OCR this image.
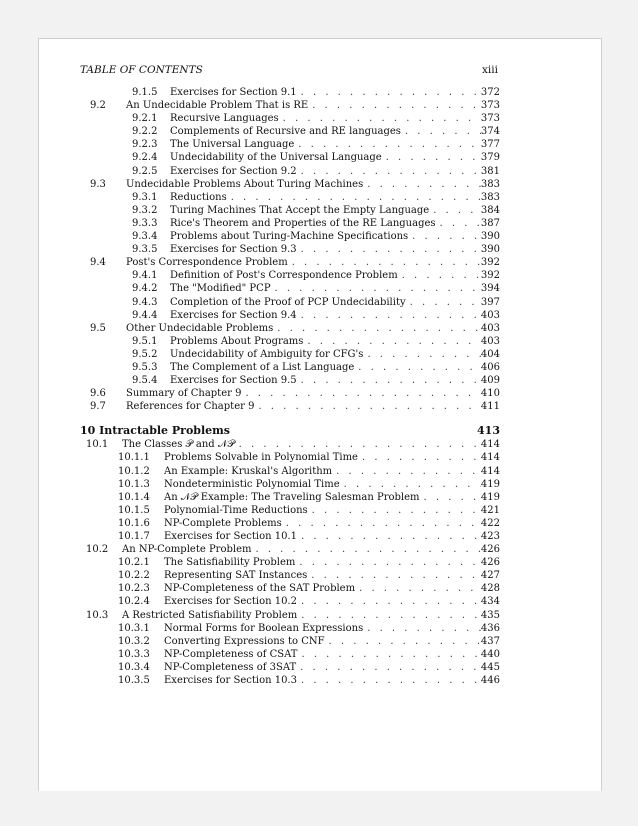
TABLE OF CONTENTS	xiii
9.1.5	Exercises for Section 9.1 . . .	372
9.2	An Undecidable Problem That is RE . . .	373
9.2.1	Recursive Languages . . .	373
9.2.2	Complements of Recursive and RE languages . . .	374
9.2.3	The Universal Language . . .	377
9.2.4	Undecidability of the Universal Language . . .	379
9.2.5	Exercises for Section 9.2 . . .	381
9.3	Undecidable Problems About Turing Machines . . .	383
9.3.1	Reductions . . .	383
9.3.2	Turing Machines That Accept the Empty Language . . .	384
9.3.3	Rice's Theorem and Properties of the RE Languages . . .	387
9.3.4	Problems about Turing-Machine Specifications . . .	390
9.3.5	Exercises for Section 9.3 . . .	390
9.4	Post's Correspondence Problem . . .	392
9.4.1	Definition of Post's Correspondence Problem . . .	392
9.4.2	The "Modified" PCP . . .	394
9.4.3	Completion of the Proof of PCP Undecidability . . .	397
9.4.4	Exercises for Section 9.4 . . .	403
9.5	Other Undecidable Problems . . .	403
9.5.1	Problems About Programs . . .	403
9.5.2	Undecidability of Ambiguity for CFG's . . .	404
9.5.3	The Complement of a List Language . . .	406
9.5.4	Exercises for Section 9.5 . . .	409
9.6	Summary of Chapter 9 . . .	410
9.7	References for Chapter 9 . . .	411
10 Intractable Problems	413
10.1	The Classes 𝒫 and 𝒩𝒫 . . .	414
10.1.1	Problems Solvable in Polynomial Time . . .	414
10.1.2	An Example: Kruskal's Algorithm . . .	414
10.1.3	Nondeterministic Polynomial Time . . .	419
10.1.4	An 𝒩𝒫 Example: The Traveling Salesman Problem . . .	419
10.1.5	Polynomial-Time Reductions . . .	421
10.1.6	NP-Complete Problems . . .	422
10.1.7	Exercises for Section 10.1 . . .	423
10.2	An NP-Complete Problem . . .	426
10.2.1	The Satisfiability Problem . . .	426
10.2.2	Representing SAT Instances . . .	427
10.2.3	NP-Completeness of the SAT Problem . . .	428
10.2.4	Exercises for Section 10.2 . . .	434
10.3	A Restricted Satisfiability Problem . . .	435
10.3.1	Normal Forms for Boolean Expressions . . .	436
10.3.2	Converting Expressions to CNF . . .	437
10.3.3	NP-Completeness of CSAT . . .	440
10.3.4	NP-Completeness of 3SAT . . .	445
10.3.5	Exercises for Section 10.3 . . .	446
